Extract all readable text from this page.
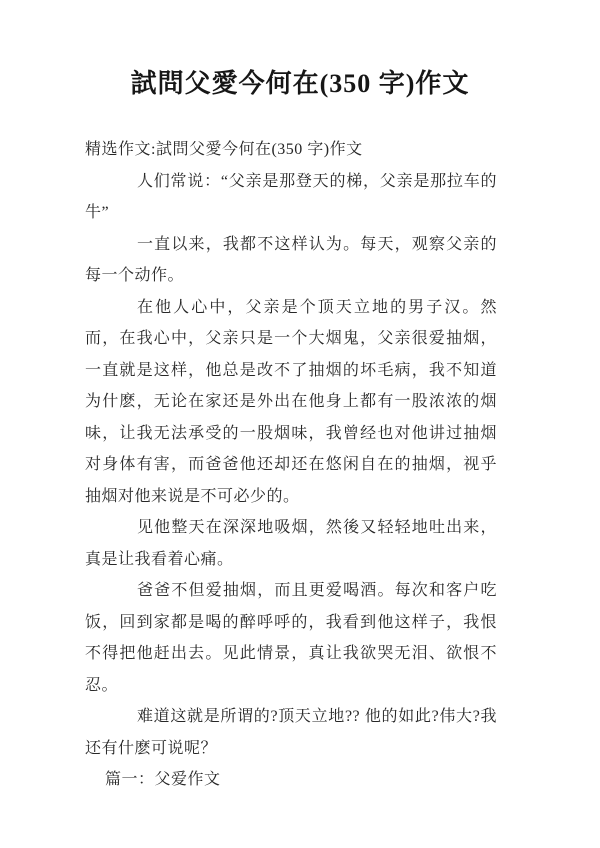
試問父愛今何在(350 字)作文

精选作文:試問父愛今何在(350 字)作文

人们常说：“父亲是那登天的梯，父亲是那拉车的牛”

一直以来，我都不这样认为。每天，观察父亲的每一个动作。

在他人心中，父亲是个顶天立地的男子汉。然而，在我心中，父亲只是一个大烟鬼，父亲很爱抽烟，一直就是这样，他总是改不了抽烟的坏毛病，我不知道为什麽，无论在家还是外出在他身上都有一股浓浓的烟味，让我无法承受的一股烟味，我曾经也对他讲过抽烟对身体有害，而爸爸他还却还在悠闲自在的抽烟，视乎抽烟对他来说是不可必少的。

见他整天在深深地吸烟，然後又轻轻地吐出来，真是让我看着心痛。

爸爸不但爱抽烟，而且更爱喝酒。每次和客户吃饭，回到家都是喝的醉呼呼的，我看到他这样子，我恨不得把他赶出去。见此情景，真让我欲哭无泪、欲恨不忍。

难道这就是所谓的?顶天立地?? 他的如此?伟大?我还有什麽可说呢？

篇一：父爱作文
